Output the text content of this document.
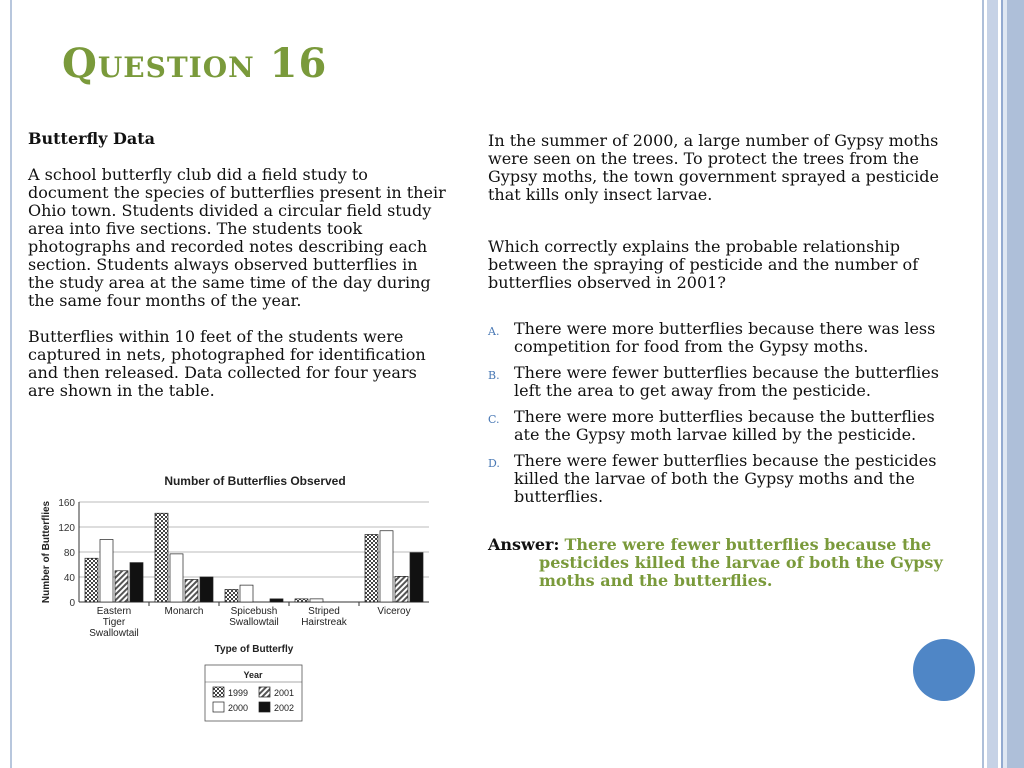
Question 16

Butterfly Data

A school butterfly club did a field study to document the species of butterflies present in their Ohio town. Students divided a circular field study area into five sections. The students took photographs and recorded notes describing each section. Students always observed butterflies in the study area at the same time of the day during the same four months of the year.

Butterflies within 10 feet of the students were captured in nets, photographed for identification and then released. Data collected for four years are shown in the table.

Number of Butterflies Observed
0
40
80
120
160
Number of Butterflies
Eastern
Tiger
Swallowtail
Monarch	Spicebush
Swallowtail
Striped
Hairstreak
Viceroy
Type of Butterfly
Year
1999
2000
2001
2002

In the summer of 2000, a large number of Gypsy moths were seen on the trees. To protect the trees from the Gypsy moths, the town government sprayed a pesticide that kills only insect larvae.

Which correctly explains the probable relationship between the spraying of pesticide and the number of butterflies observed in 2001?

A. There were more butterflies because there was less competition for food from the Gypsy moths.
B. There were fewer butterflies because the butterflies left the area to get away from the pesticide.
C. There were more butterflies because the butterflies ate the Gypsy moth larvae killed by the pesticide.
D. There were fewer butterflies because the pesticides killed the larvae of both the Gypsy moths and the butterflies.

Answer: There were fewer butterflies because the pesticides killed the larvae of both the Gypsy moths and the butterflies.
